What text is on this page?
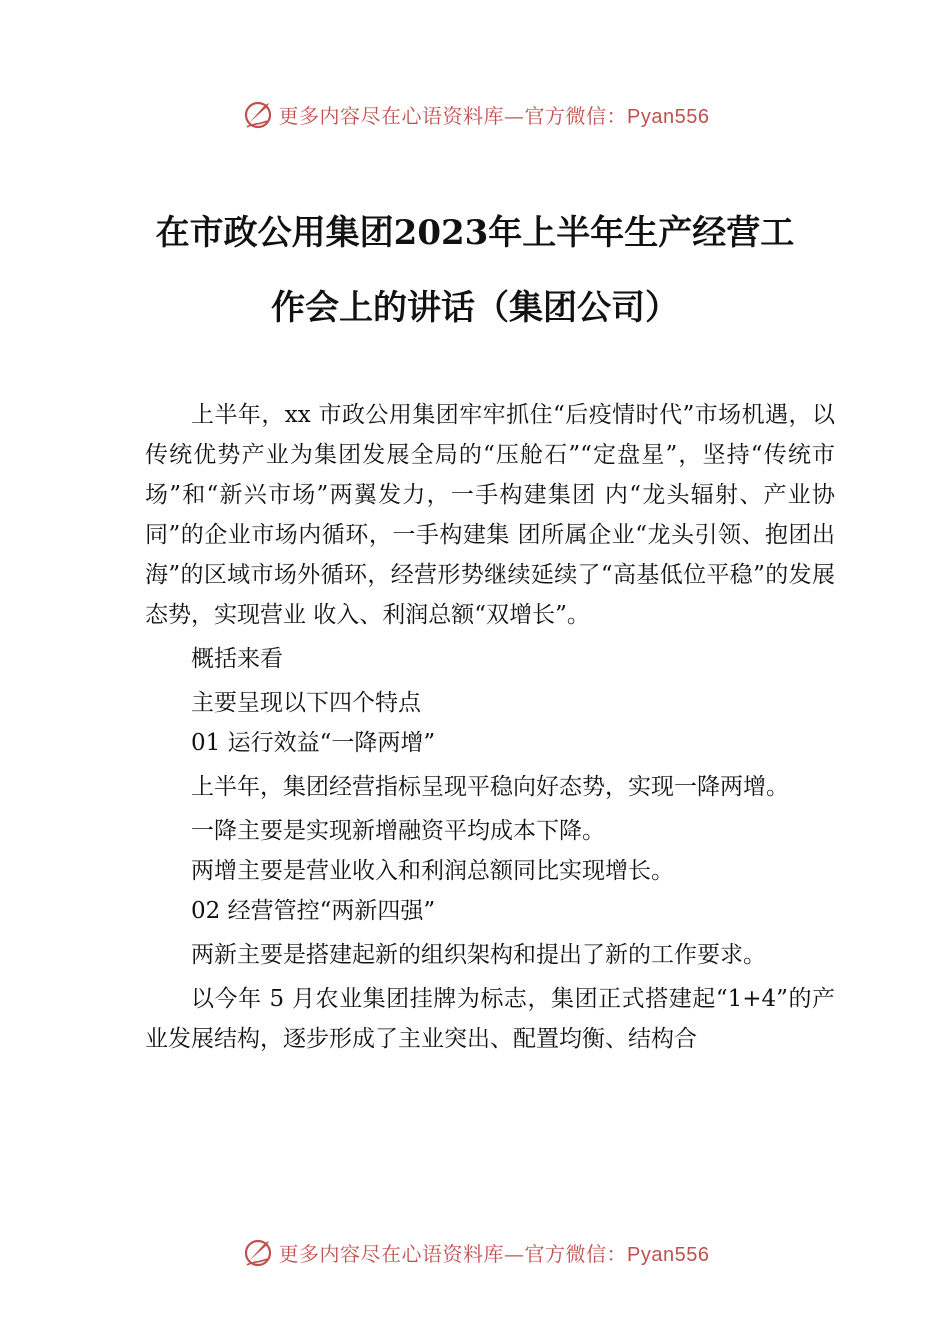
更多内容尽在心语资料库—官方微信：Pyan556
在市政公用集团2023年上半年生产经营工
作会上的讲话（集团公司）

上半年，xx 市政公用集团牢牢抓住“后疫情时代”市场机遇，以传统优势产业为集团发展全局的“压舱石”“定盘星”，坚持“传统市场”和“新兴市场”两翼发力，一手构建集团 内“龙头辐射、产业协同”的企业市场内循环，一手构建集 团所属企业“龙头引领、抱团出海”的区域市场外循环，经营形势继续延续了“高基低位平稳”的发展态势，实现营业 收入、利润总额“双增长”。

概括来看

主要呈现以下四个特点

01 运行效益“一降两增”

上半年，集团经营指标呈现平稳向好态势，实现一降两增。

一降主要是实现新增融资平均成本下降。

两增主要是营业收入和利润总额同比实现增长。

02 经营管控“两新四强”

两新主要是搭建起新的组织架构和提出了新的工作要求。

以今年 5 月农业集团挂牌为标志，集团正式搭建起“1+4”的产业发展结构，逐步形成了主业突出、配置均衡、结构合

更多内容尽在心语资料库—官方微信：Pyan556
